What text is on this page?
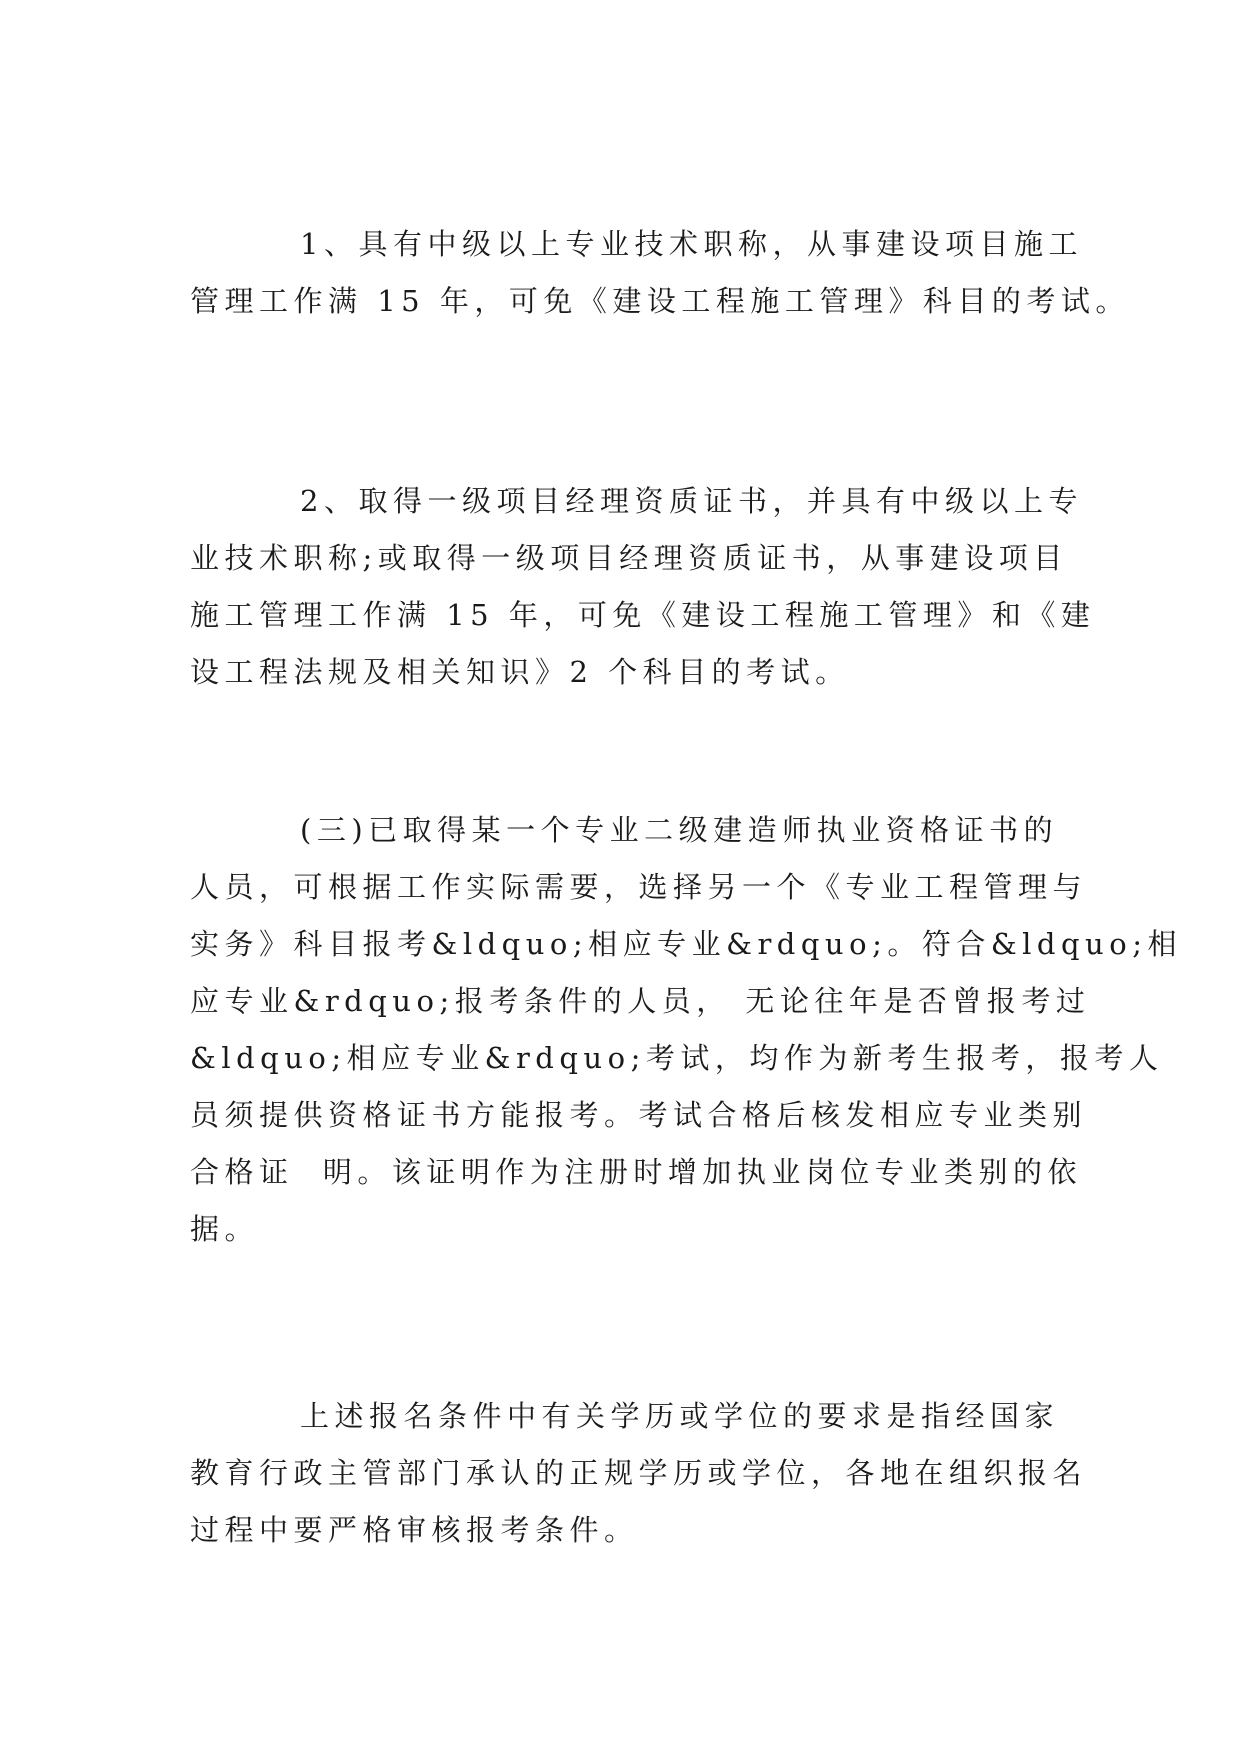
1、具有中级以上专业技术职称，从事建设项目施工
管理工作满 15 年，可免《建设工程施工管理》科目的考试。
2、取得一级项目经理资质证书，并具有中级以上专
业技术职称;或取得一级项目经理资质证书，从事建设项目
施工管理工作满 15 年，可免《建设工程施工管理》和《建
设工程法规及相关知识》2 个科目的考试。
(三)已取得某一个专业二级建造师执业资格证书的
人员，可根据工作实际需要，选择另一个《专业工程管理与
实务》科目报考&ldquo;相应专业&rdquo;。符合&ldquo;相
应专业&rdquo;报考条件的人员， 无论往年是否曾报考过
&ldquo;相应专业&rdquo;考试，均作为新考生报考，报考人
员须提供资格证书方能报考。考试合格后核发相应专业类别
合格证  明。该证明作为注册时增加执业岗位专业类别的依
据。
上述报名条件中有关学历或学位的要求是指经国家
教育行政主管部门承认的正规学历或学位，各地在组织报名
过程中要严格审核报考条件。
